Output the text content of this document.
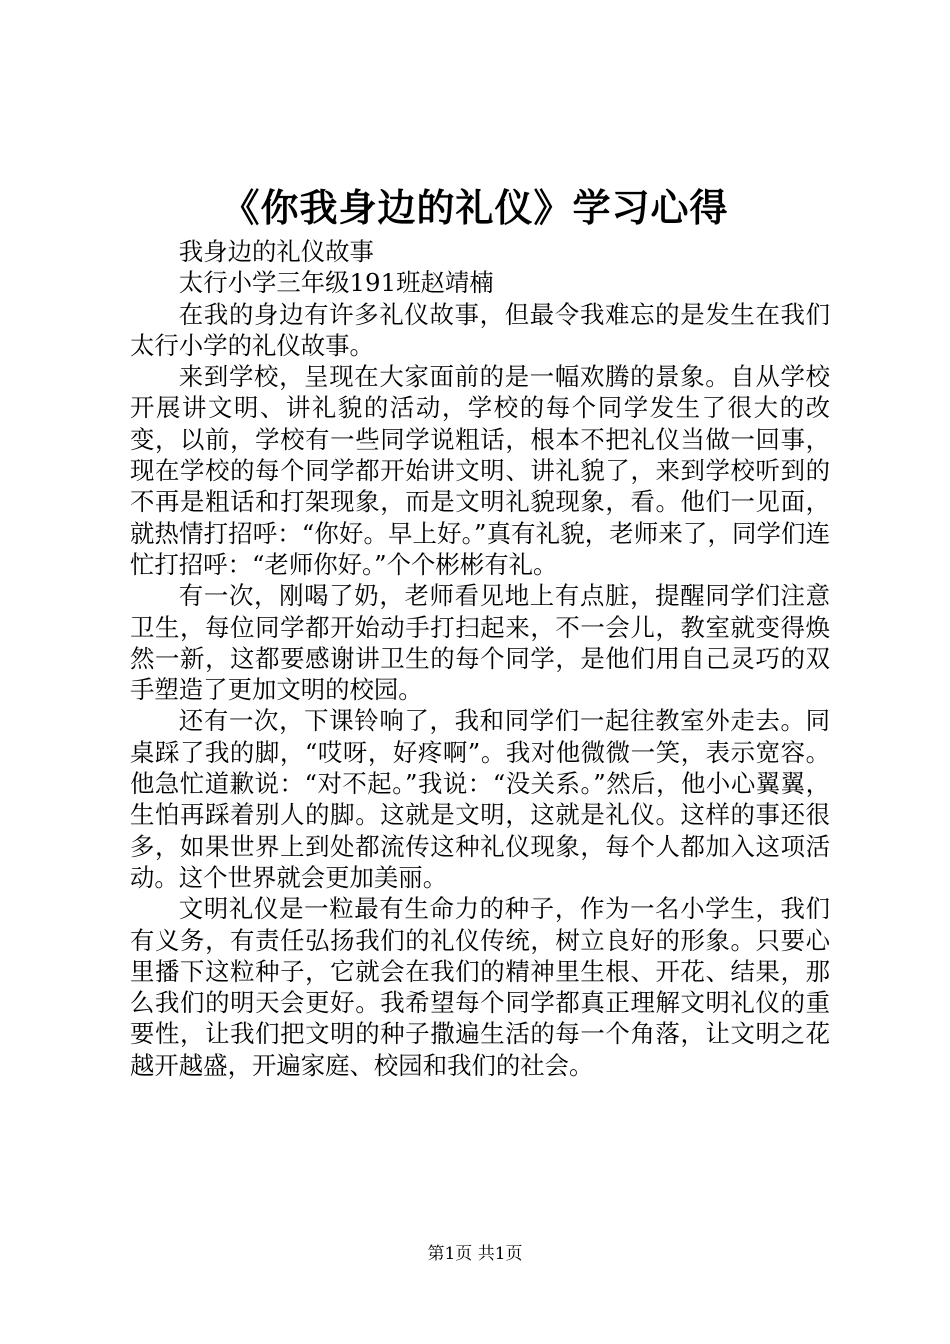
《你我身边的礼仪》学习心得

我身边的礼仪故事

太行小学三年级191班赵靖楠

在我的身边有许多礼仪故事，但最令我难忘的是发生在我们太行小学的礼仪故事。

来到学校，呈现在大家面前的是一幅欢腾的景象。自从学校开展讲文明、讲礼貌的活动，学校的每个同学发生了很大的改变，以前，学校有一些同学说粗话，根本不把礼仪当做一回事，现在学校的每个同学都开始讲文明、讲礼貌了，来到学校听到的不再是粗话和打架现象，而是文明礼貌现象，看。他们一见面，就热情打招呼：“你好。早上好。”真有礼貌，老师来了，同学们连忙打招呼：“老师你好。”个个彬彬有礼。

有一次，刚喝了奶，老师看见地上有点脏，提醒同学们注意卫生，每位同学都开始动手打扫起来，不一会儿，教室就变得焕然一新，这都要感谢讲卫生的每个同学，是他们用自己灵巧的双手塑造了更加文明的校园。

还有一次，下课铃响了，我和同学们一起往教室外走去。同桌踩了我的脚，“哎呀，好疼啊”。我对他微微一笑，表示宽容。他急忙道歉说：“对不起。”我说：“没关系。”然后，他小心翼翼，生怕再踩着别人的脚。这就是文明，这就是礼仪。这样的事还很多，如果世界上到处都流传这种礼仪现象，每个人都加入这项活动。这个世界就会更加美丽。

文明礼仪是一粒最有生命力的种子，作为一名小学生，我们有义务，有责任弘扬我们的礼仪传统，树立良好的形象。只要心里播下这粒种子，它就会在我们的精神里生根、开花、结果，那么我们的明天会更好。我希望每个同学都真正理解文明礼仪的重要性，让我们把文明的种子撒遍生活的每一个角落，让文明之花越开越盛，开遍家庭、校园和我们的社会。

第1页 共1页
